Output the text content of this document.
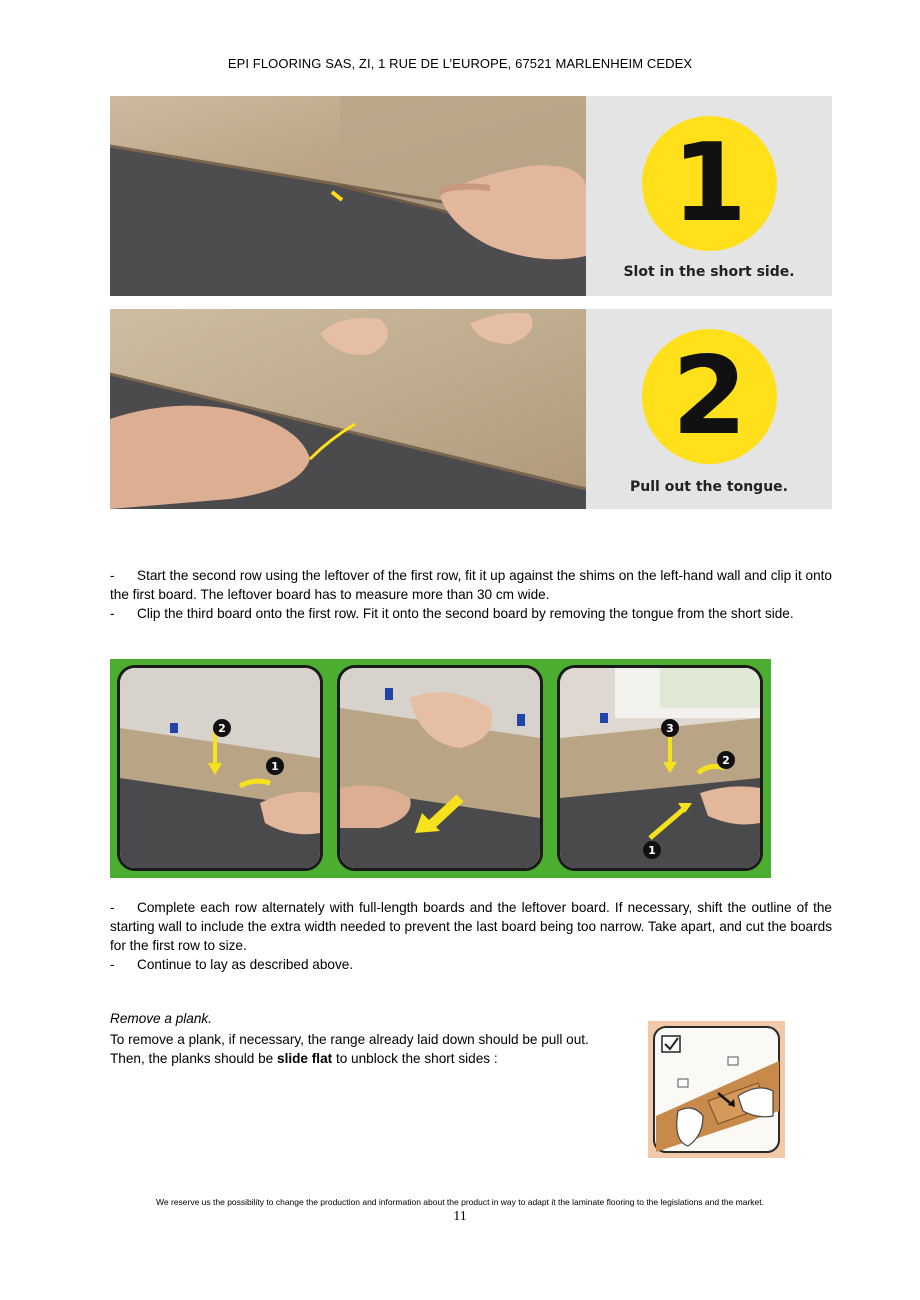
EPI FLOORING SAS, ZI, 1 RUE DE L’EUROPE, 67521 MARLENHEIM CEDEX
1
Slot in the short side.
2
Pull out the tongue.

- Start the second row using the leftover of the first row, fit it up against the shims on the left-hand wall and clip it onto the first board. The leftover board has to measure more than 30 cm wide.

- Clip the third board onto the first row. Fit it onto the second board by removing the tongue from the short side.

2
1
3
2
1

- Complete each row alternately with full-length boards and the leftover board. If necessary, shift the outline of the starting wall to include the extra width needed to prevent the last board being too narrow. Take apart, and cut the boards for the first row to size.

- Continue to lay as described above.

Remove a plank.

To remove a plank, if necessary, the range already laid down should be pull out.

Then, the planks should be slide flat to unblock the short sides :

We reserve us the possibility to change the production and information about the product in way to adapt it the laminate flooring to the legislations and the market.
11
